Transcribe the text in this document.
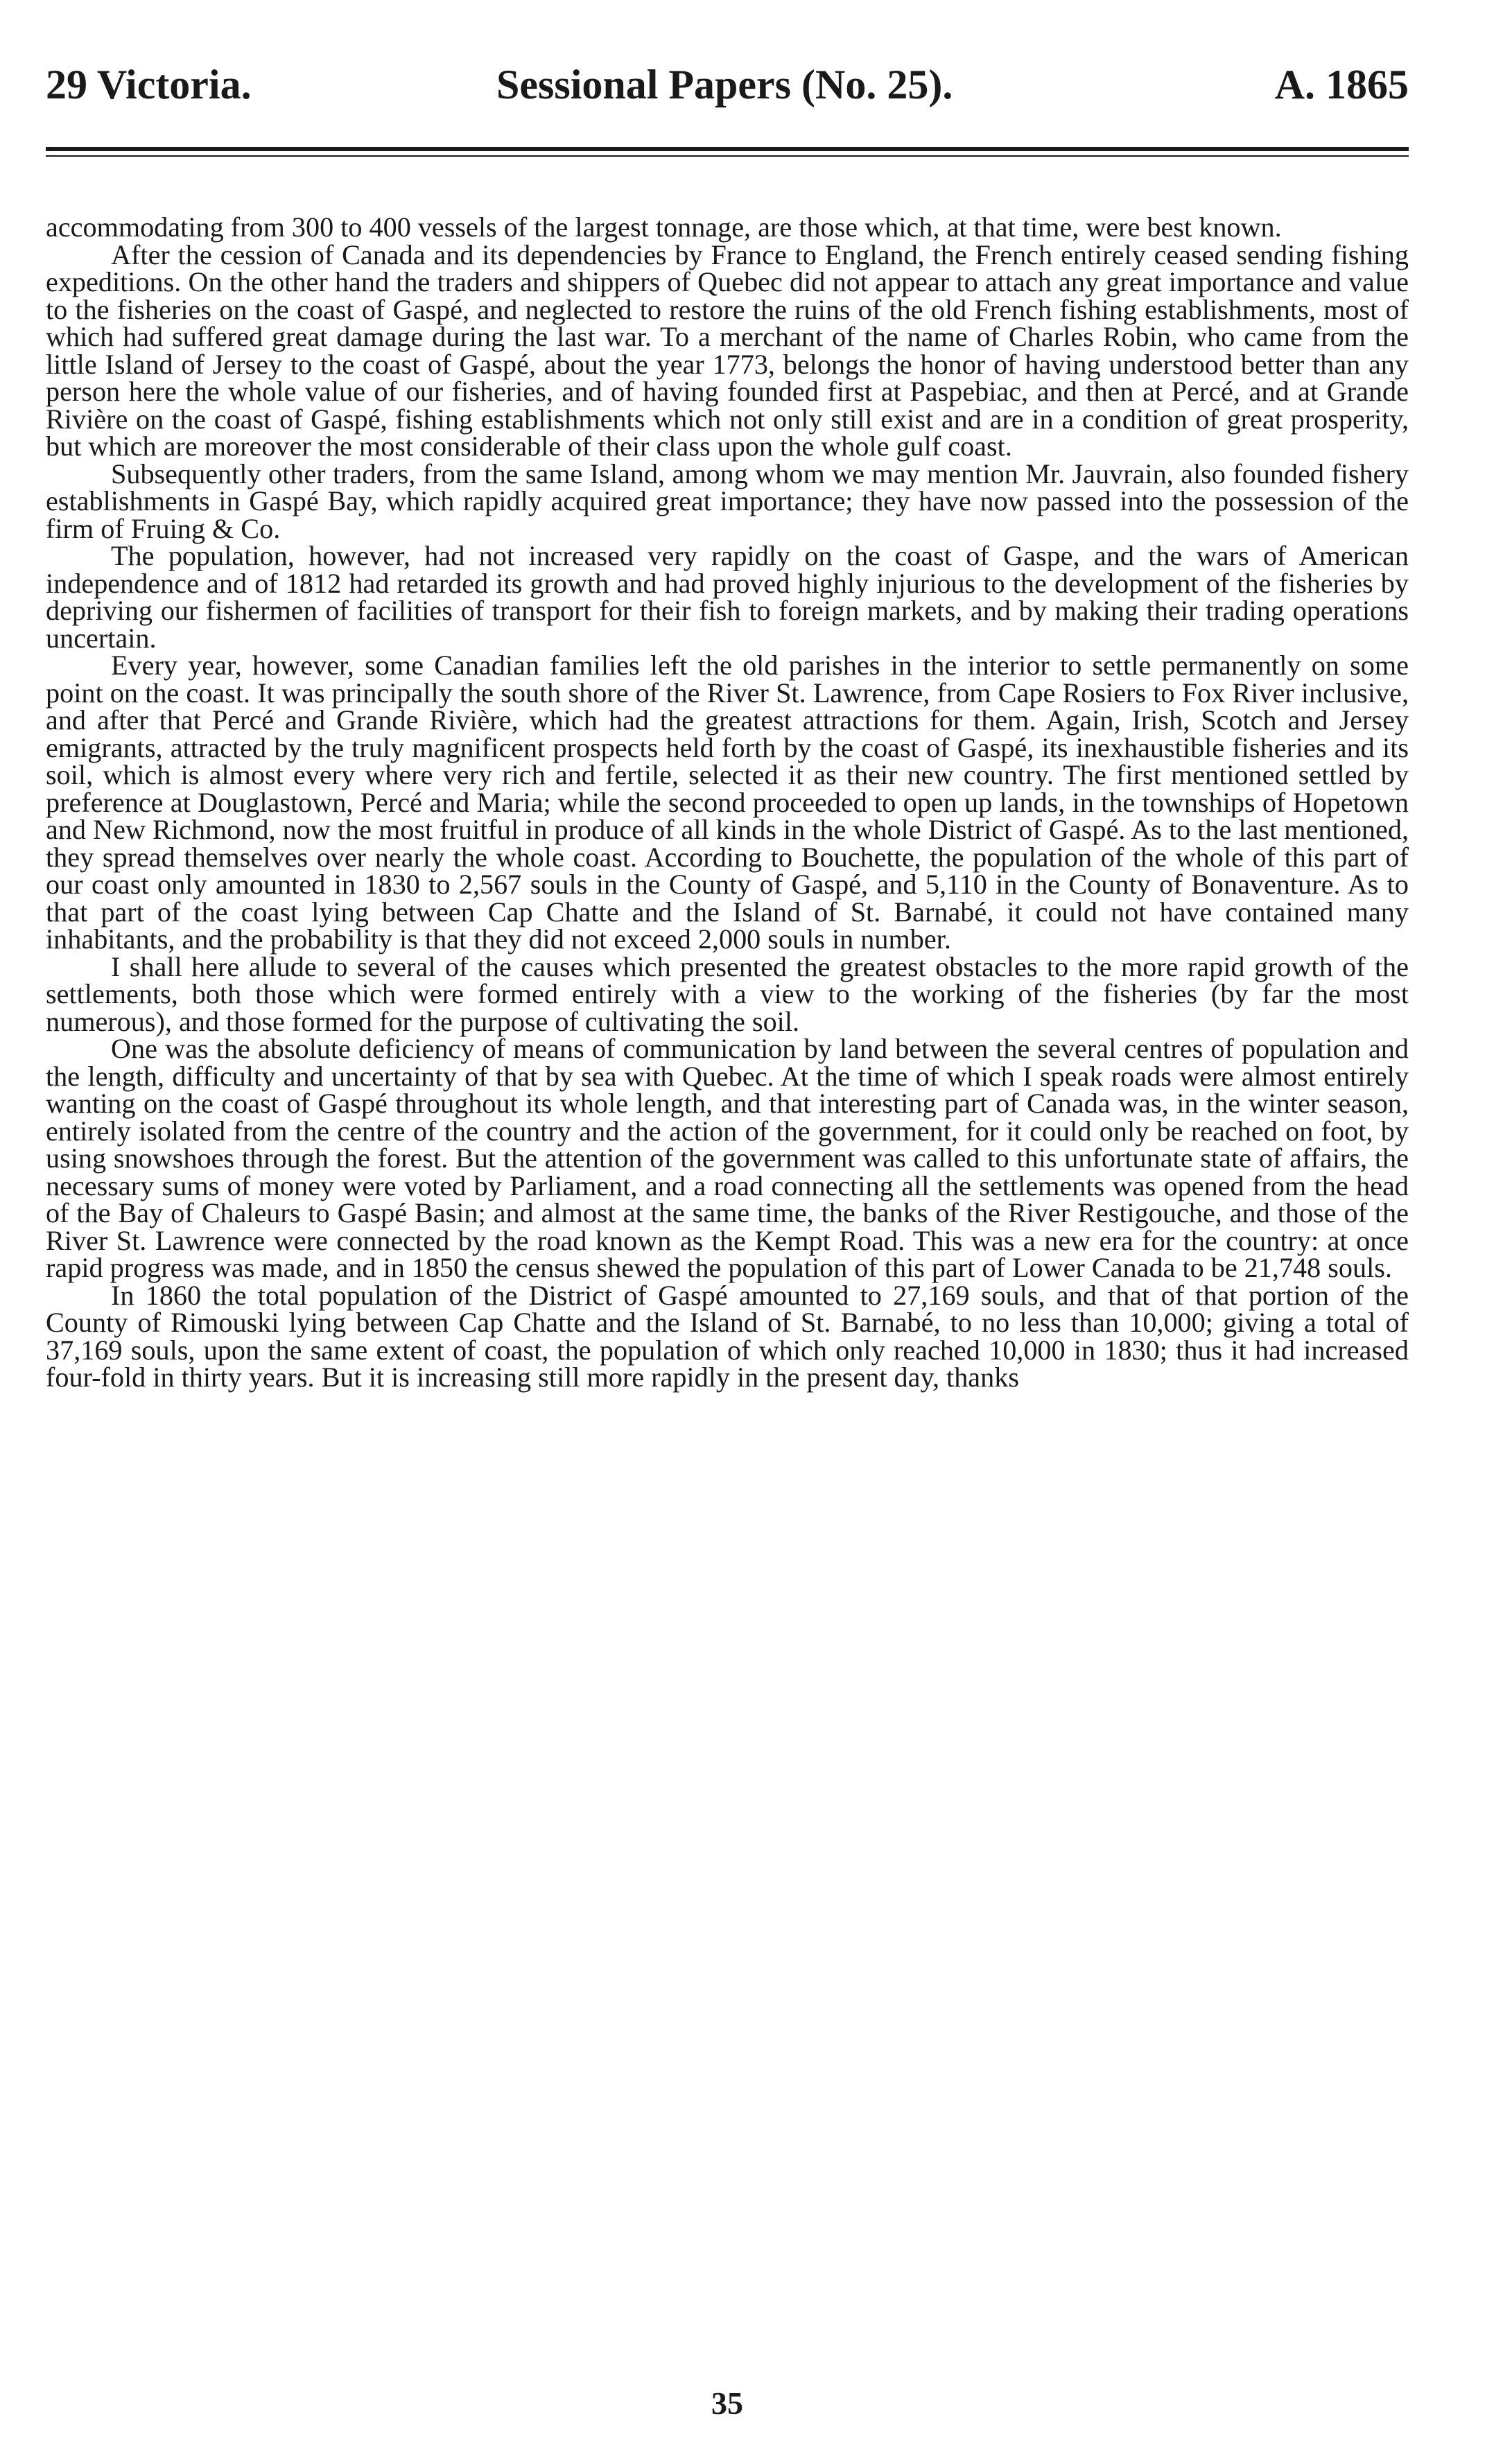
29 Victoria.	Sessional Papers (No. 25).	A. 1865

accommodating from 300 to 400 vessels of the largest tonnage, are those which, at that time, were best known.

After the cession of Canada and its dependencies by France to England, the French entirely ceased sending fishing expeditions. On the other hand the traders and shippers of Quebec did not appear to attach any great importance and value to the fisheries on the coast of Gaspé, and neglected to restore the ruins of the old French fishing establishments, most of which had suffered great damage during the last war. To a merchant of the name of Charles Robin, who came from the little Island of Jersey to the coast of Gaspé, about the year 1773, belongs the honor of having understood better than any person here the whole value of our fisheries, and of having founded first at Paspebiac, and then at Percé, and at Grande Rivière on the coast of Gaspé, fishing establishments which not only still exist and are in a condition of great prosperity, but which are moreover the most considerable of their class upon the whole gulf coast.

Subsequently other traders, from the same Island, among whom we may mention Mr. Jauvrain, also founded fishery establishments in Gaspé Bay, which rapidly acquired great importance; they have now passed into the possession of the firm of Fruing & Co.

The population, however, had not increased very rapidly on the coast of Gaspe, and the wars of American independence and of 1812 had retarded its growth and had proved highly injurious to the development of the fisheries by depriving our fishermen of facilities of transport for their fish to foreign markets, and by making their trading operations uncertain.

Every year, however, some Canadian families left the old parishes in the interior to settle permanently on some point on the coast. It was principally the south shore of the River St. Lawrence, from Cape Rosiers to Fox River inclusive, and after that Percé and Grande Rivière, which had the greatest attractions for them. Again, Irish, Scotch and Jersey emigrants, attracted by the truly magnificent prospects held forth by the coast of Gaspé, its inexhaustible fisheries and its soil, which is almost every where very rich and fertile, selected it as their new country. The first mentioned settled by preference at Douglastown, Percé and Maria; while the second proceeded to open up lands, in the townships of Hopetown and New Richmond, now the most fruitful in produce of all kinds in the whole District of Gaspé. As to the last mentioned, they spread themselves over nearly the whole coast. According to Bouchette, the population of the whole of this part of our coast only amounted in 1830 to 2,567 souls in the County of Gaspé, and 5,110 in the County of Bonaventure. As to that part of the coast lying between Cap Chatte and the Island of St. Barnabé, it could not have contained many inhabitants, and the probability is that they did not exceed 2,000 souls in number.

I shall here allude to several of the causes which presented the greatest obstacles to the more rapid growth of the settlements, both those which were formed entirely with a view to the working of the fisheries (by far the most numerous), and those formed for the purpose of cultivating the soil.

One was the absolute deficiency of means of communication by land between the several centres of population and the length, difficulty and uncertainty of that by sea with Quebec. At the time of which I speak roads were almost entirely wanting on the coast of Gaspé throughout its whole length, and that interesting part of Canada was, in the winter season, entirely isolated from the centre of the country and the action of the government, for it could only be reached on foot, by using snowshoes through the forest. But the attention of the government was called to this unfortunate state of affairs, the necessary sums of money were voted by Parliament, and a road connecting all the settlements was opened from the head of the Bay of Chaleurs to Gaspé Basin; and almost at the same time, the banks of the River Restigouche, and those of the River St. Lawrence were connected by the road known as the Kempt Road. This was a new era for the country: at once rapid progress was made, and in 1850 the census shewed the population of this part of Lower Canada to be 21,748 souls.

In 1860 the total population of the District of Gaspé amounted to 27,169 souls, and that of that portion of the County of Rimouski lying between Cap Chatte and the Island of St. Barnabé, to no less than 10,000; giving a total of 37,169 souls, upon the same extent of coast, the population of which only reached 10,000 in 1830; thus it had increased four-fold in thirty years. But it is increasing still more rapidly in the present day, thanks

35
